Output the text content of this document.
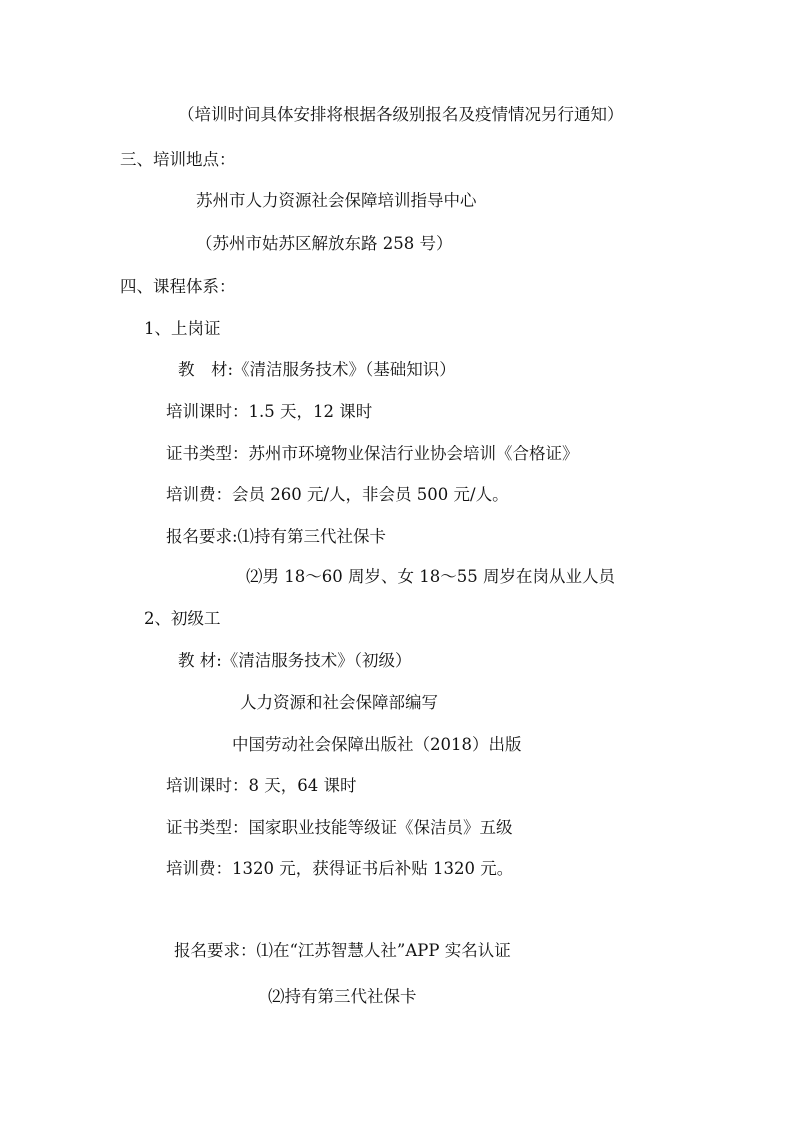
（培训时间具体安排将根据各级别报名及疫情情况另行通知）
三、培训地点：
苏州市人力资源社会保障培训指导中心
（苏州市姑苏区解放东路 258 号）
四、课程体系：
1、上岗证
教　材:《清洁服务技术》（基础知识）
培训课时：1.5 天，12 课时
证书类型：苏州市环境物业保洁行业协会培训《合格证》
培训费：会员 260 元/人，非会员 500 元/人。
报名要求:⑴持有第三代社保卡
⑵男 18～60 周岁、女 18～55 周岁在岗从业人员
2、初级工
教 材:《清洁服务技术》（初级）
人力资源和社会保障部编写
中国劳动社会保障出版社（2018）出版
培训课时：8 天，64 课时
证书类型：国家职业技能等级证《保洁员》五级
培训费：1320 元，获得证书后补贴 1320 元。
报名要求：⑴在“江苏智慧人社”APP 实名认证
⑵持有第三代社保卡
